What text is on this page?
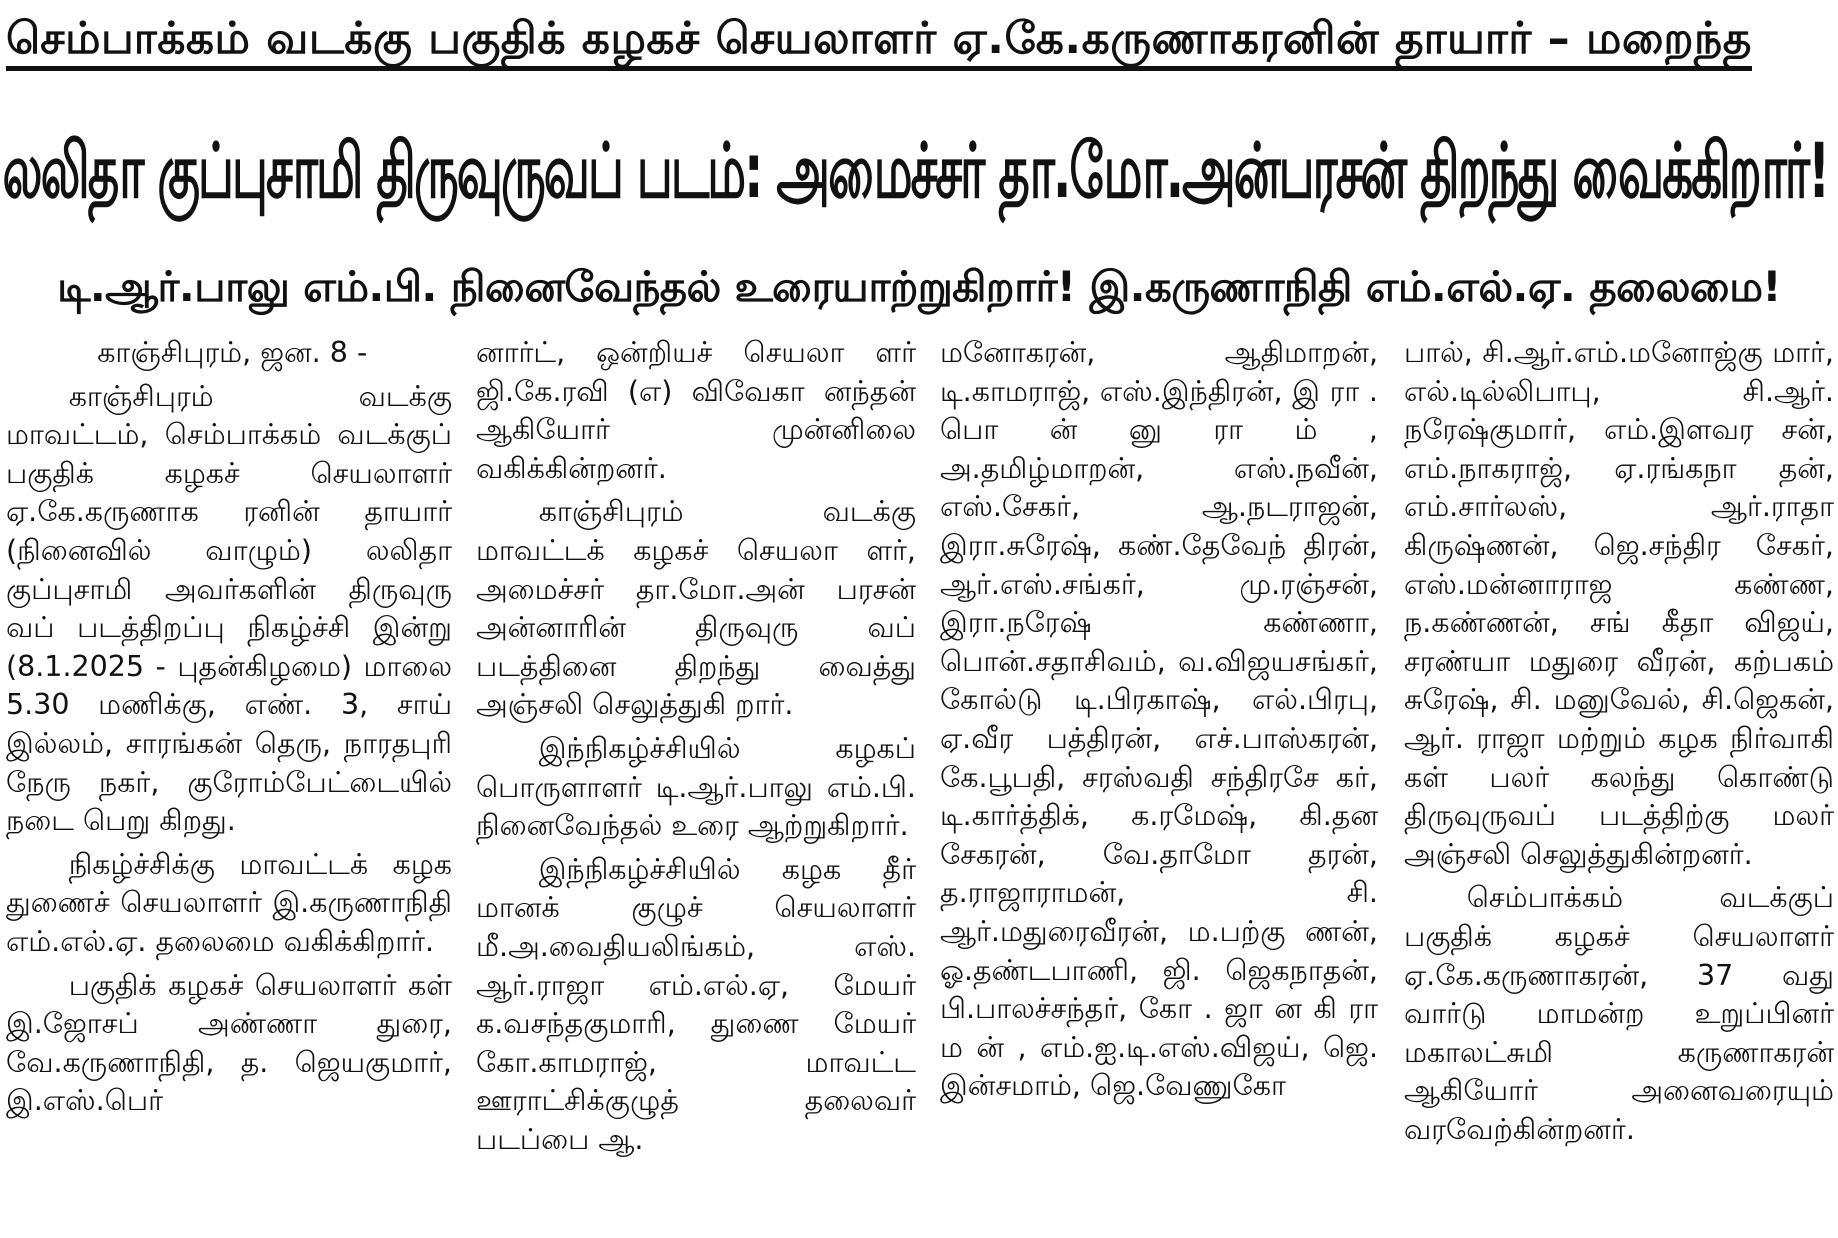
செம்பாக்கம் வடக்கு பகுதிக் கழகச் செயலாளர் ஏ.கே.கருணாகரனின் தாயார் – மறைந்த
லலிதா குப்புசாமி திருவுருவப் படம்: அமைச்சர் தா.மோ.அன்பரசன் திறந்து வைக்கிறார்!
டி.ஆர்.பாலு எம்.பி. நினைவேந்தல் உரையாற்றுகிறார்! இ.கருணாநிதி எம்.எல்.ஏ. தலைமை!

காஞ்சிபுரம், ஜன. 8 -

காஞ்சிபுரம் வடக்கு மாவட்டம், செம்பாக்கம் வடக்குப் பகுதிக் கழகச் செயலாளர் ஏ.கே.கருணாக ரனின் தாயார் (நினைவில் வாழும்) லலிதா குப்புசாமி அவர்களின் திருவுரு வப் படத்திறப்பு நிகழ்ச்சி இன்று (8.1.2025 - புதன்கிழமை) மாலை 5.30 மணிக்கு, எண். 3, சாய் இல்லம், சாரங்கன் தெரு, நாரதபுரி நேரு நகர், குரோம்பேட்டையில் நடை பெறு கிறது.

நிகழ்ச்சிக்கு மாவட்டக் கழக துணைச் செயலாளர் இ.கருணாநிதி எம்.எல்.ஏ. தலைமை வகிக்கிறார்.

பகுதிக் கழகச் செயலாளர் கள் இ.ஜோசப் அண்ணா துரை, வே.கருணாநிதி, த. ஜெயகுமார், இ.எஸ்.பெர்

னார்ட், ஒன்றியச் செயலா ளர் ஜி.கே.ரவி (எ) விவேகா னந்தன் ஆகியோர் முன்னிலை வகிக்கின்றனர்.

காஞ்சிபுரம் வடக்கு மாவட்டக் கழகச் செயலா ளர், அமைச்சர் தா.மோ.அன் பரசன் அன்னாரின் திருவுரு வப் படத்தினை திறந்து வைத்து அஞ்சலி செலுத்துகி றார்.

இந்நிகழ்ச்சியில் கழகப் பொருளாளர் டி.ஆர்.பாலு எம்.பி. நினைவேந்தல் உரை ஆற்றுகிறார்.

இந்நிகழ்ச்சியில் கழக தீர் மானக் குழுச் செயலாளர் மீ.அ.வைதியலிங்கம், எஸ். ஆர்.ராஜா எம்.எல்.ஏ, மேயர் க.வசந்தகுமாரி, துணை மேயர் கோ.காமராஜ், மாவட்ட ஊராட்சிக்குழுத் தலைவர் படப்பை ஆ.

மனோகரன், ஆதிமாறன், டி.காமராஜ், எஸ்.இந்திரன், இ ரா . பொ ன் னு ரா ம் , அ.தமிழ்மாறன், எஸ்.நவீன், எஸ்.சேகர், ஆ.நடராஜன், இரா.சுரேஷ், கண்.தேவேந் திரன், ஆர்.எஸ்.சங்கர், மு.ரஞ்சன், இரா.நரேஷ் கண்ணா, பொன்.சதாசிவம், வ.விஜயசங்கர், கோல்டு டி.பிரகாஷ், எல்.பிரபு, ஏ.வீர பத்திரன், எச்.பாஸ்கரன், கே.பூபதி, சரஸ்வதி சந்திரசே கர், டி.கார்த்திக், க.ரமேஷ், கி.தன சேகரன், வே.தாமோ தரன், த.ராஜாராமன், சி. ஆர்.மதுரைவீரன், ம.பற்கு ணன், ஓ.தண்டபாணி, ஜி. ஜெகநாதன், பி.பாலச்சந்தர், கோ . ஜா ன கி ரா ம ன் , எம்.ஐ.டி.எஸ்.விஜய், ஜெ. இன்சமாம், ஜெ.வேணுகோ

பால், சி.ஆர்.எம்.மனோஜ்கு மார், எல்.டில்லிபாபு, சி.ஆர். நரேஷ்குமார், எம்.இளவர சன், எம்.நாகராஜ், ஏ.ரங்கநா தன், எம்.சார்லஸ், ஆர்.ராதா கிருஷ்ணன், ஜெ.சந்திர சேகர், எஸ்.மன்னாராஜ கண்ண, ந.கண்ணன், சங் கீதா விஜய், சரண்யா மதுரை வீரன், கற்பகம் சுரேஷ், சி. மனுவேல், சி.ஜெகன், ஆர். ராஜா மற்றும் கழக நிர்வாகி கள் பலர் கலந்து கொண்டு திருவுருவப் படத்திற்கு மலர் அஞ்சலி செலுத்துகின்றனர்.

செம்பாக்கம் வடக்குப் பகுதிக் கழகச் செயலாளர் ஏ.கே.கருணாகரன், 37 வது வார்டு மாமன்ற உறுப்பினர் மகாலட்சுமி கருணாகரன் ஆகியோர் அனைவரையும் வரவேற்கின்றனர்.
